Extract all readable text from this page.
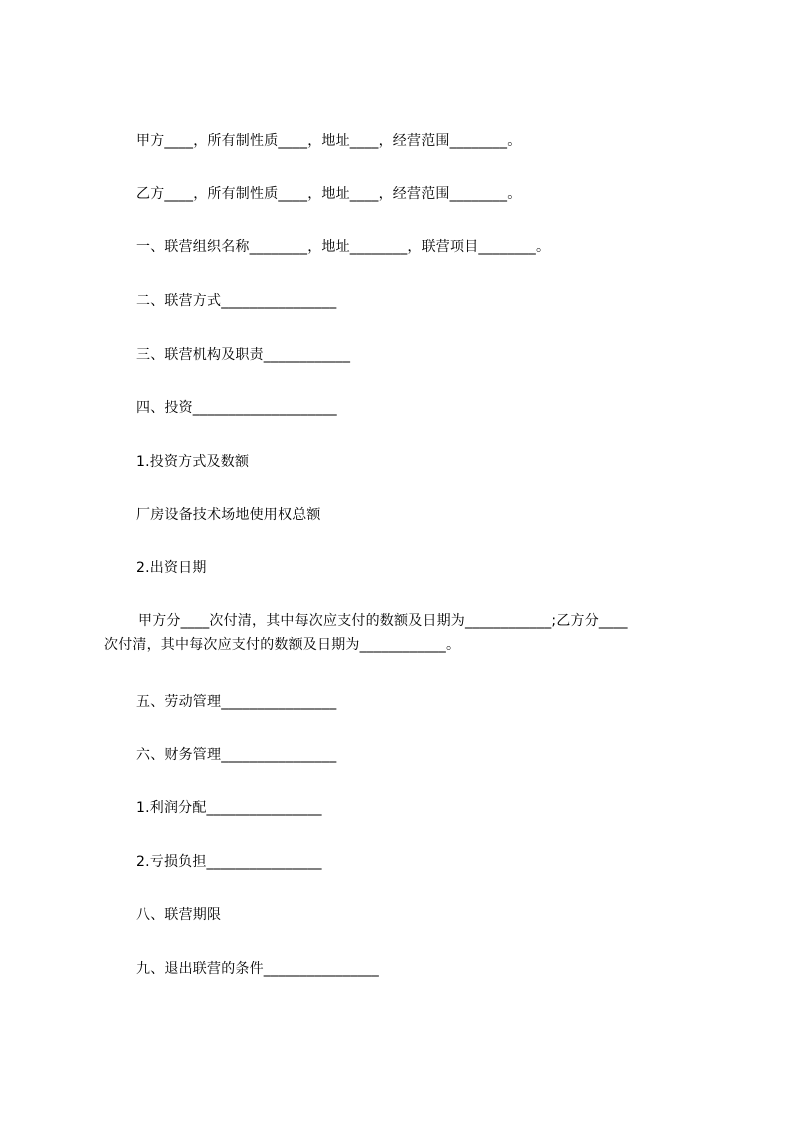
甲方____，所有制性质____，地址____，经营范围________。
乙方____，所有制性质____，地址____，经营范围________。
一、联营组织名称________，地址________，联营项目________。
二、联营方式________________
三、联营机构及职责____________
四、投资____________________
1.投资方式及数额
厂房设备技术场地使用权总额
2.出资日期
甲方分____次付清，其中每次应支付的数额及日期为____________;乙方分____
次付清，其中每次应支付的数额及日期为____________。
五、劳动管理________________
六、财务管理________________
1.利润分配________________
2.亏损负担________________
八、联营期限
九、退出联营的条件________________
